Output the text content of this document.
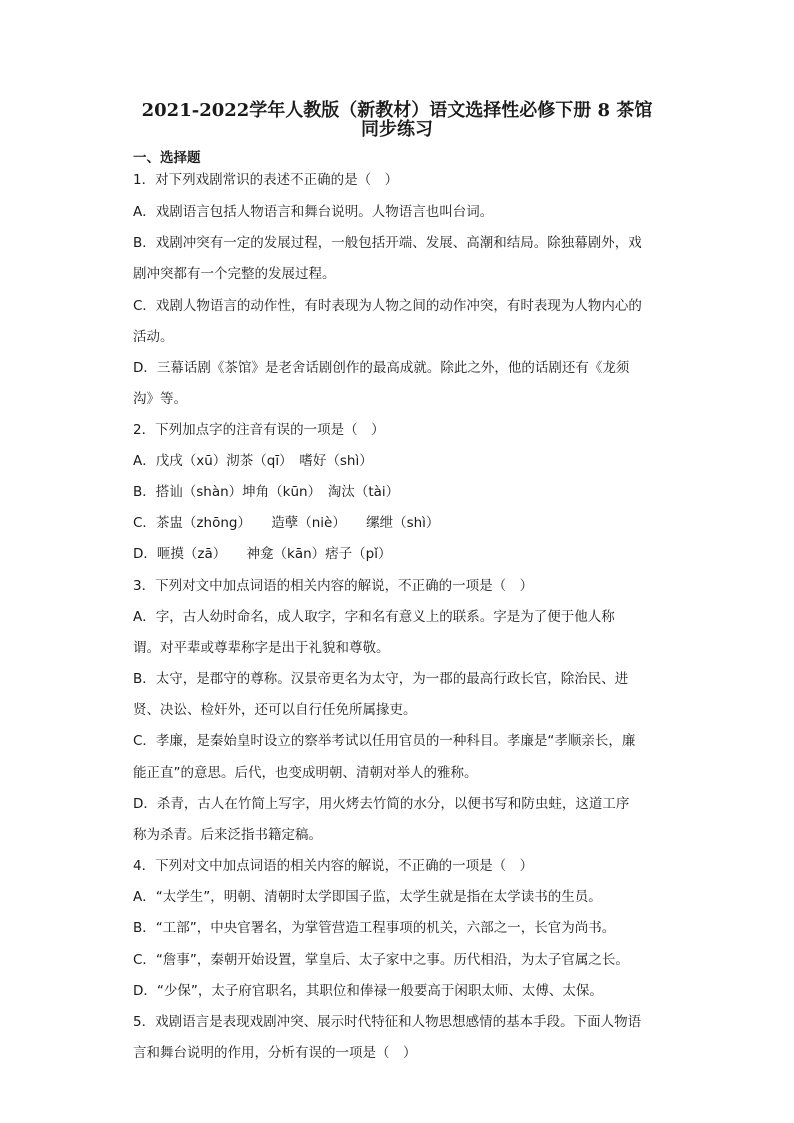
2021-2022学年人教版（新教材）语文选择性必修下册 8 茶馆
同步练习
一、选择题
1．对下列戏剧常识的表述不正确的是（　）
A．戏剧语言包括人物语言和舞台说明。人物语言也叫台词。
B．戏剧冲突有一定的发展过程，一般包括开端、发展、高潮和结局。除独幕剧外，戏
剧冲突都有一个完整的发展过程。
C．戏剧人物语言的动作性，有时表现为人物之间的动作冲突，有时表现为人物内心的
活动。
D．三幕话剧《茶馆》是老舍话剧创作的最高成就。除此之外，他的话剧还有《龙须
沟》等。
2．下列加点字的注音有误的一项是（　）
A．戊戌（xū）沏茶（qī）　嗜好（shì）
B．搭讪（shàn）坤角（kūn）　淘汰（tài）
C．茶盅（zhōng）　　造孽（niè）　　缧绁（shì）
D．咂摸（zā）　　神龛（kān）痞子（pǐ）
3．下列对文中加点词语的相关内容的解说，不正确的一项是（　）
A．字，古人幼时命名，成人取字，字和名有意义上的联系。字是为了便于他人称
谓。对平辈或尊辈称字是出于礼貌和尊敬。
B．太守，是郡守的尊称。汉景帝更名为太守，为一郡的最高行政长官，除治民、进
贤、决讼、检奸外，还可以自行任免所属掾吏。
C．孝廉，是秦始皇时设立的察举考试以任用官员的一种科目。孝廉是“孝顺亲长，廉
能正直”的意思。后代，也变成明朝、清朝对举人的雅称。
D．杀青，古人在竹简上写字，用火烤去竹简的水分，以便书写和防虫蛀，这道工序
称为杀青。后来泛指书籍定稿。
4．下列对文中加点词语的相关内容的解说，不正确的一项是（　）
A．“太学生”，明朝、清朝时太学即国子监，太学生就是指在太学读书的生员。
B．“工部”，中央官署名，为掌管营造工程事项的机关，六部之一，长官为尚书。
C．“詹事”，秦朝开始设置，掌皇后、太子家中之事。历代相沿，为太子官属之长。
D．“少保”，太子府官职名，其职位和俸禄一般要高于闲职太师、太傅、太保。
5．戏剧语言是表现戏剧冲突、展示时代特征和人物思想感情的基本手段。下面人物语
言和舞台说明的作用，分析有误的一项是（　）
